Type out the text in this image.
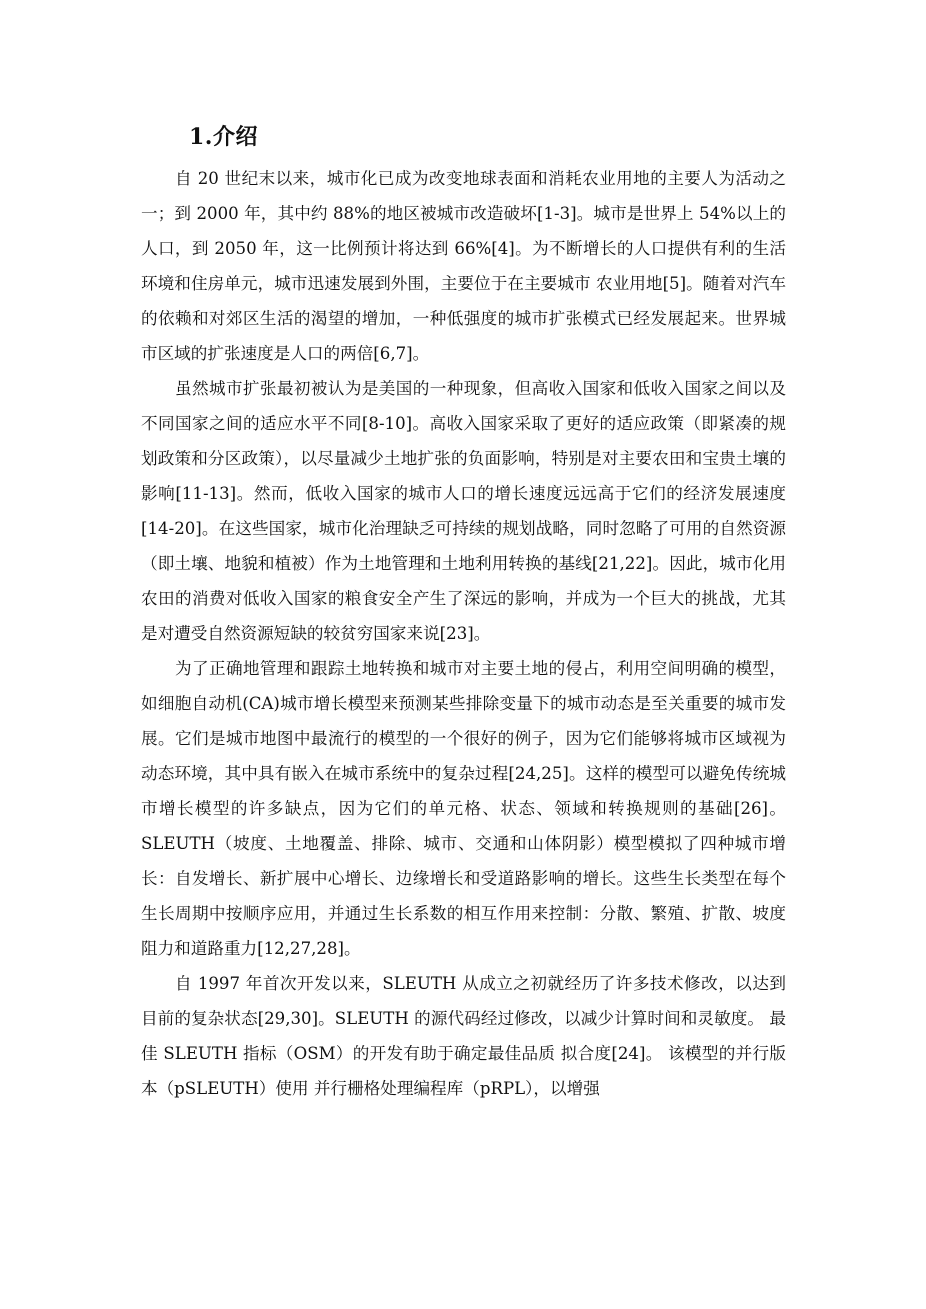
1.介绍

自 20 世纪末以来，城市化已成为改变地球表面和消耗农业用地的主要人为活动之一；到 2000 年，其中约 88%的地区被城市改造破坏[1-3]。城市是世界上 54%以上的人口，到 2050 年，这一比例预计将达到 66%[4]。为不断增长的人口提供有利的生活环境和住房单元，城市迅速发展到外围，主要位于在主要城市 农业用地[5]。随着对汽车的依赖和对郊区生活的渴望的增加，一种低强度的城市扩张模式已经发展起来。世界城市区域的扩张速度是人口的两倍[6,7]。

虽然城市扩张最初被认为是美国的一种现象，但高收入国家和低收入国家之间以及不同国家之间的适应水平不同[8-10]。高收入国家采取了更好的适应政策（即紧凑的规划政策和分区政策），以尽量减少土地扩张的负面影响，特别是对主要农田和宝贵土壤的影响[11-13]。然而，低收入国家的城市人口的增长速度远远高于它们的经济发展速度[14-20]。在这些国家，城市化治理缺乏可持续的规划战略，同时忽略了可用的自然资源（即土壤、地貌和植被）作为土地管理和土地利用转换的基线[21,22]。因此，城市化用农田的消费对低收入国家的粮食安全产生了深远的影响，并成为一个巨大的挑战，尤其是对遭受自然资源短缺的较贫穷国家来说[23]。

为了正确地管理和跟踪土地转换和城市对主要土地的侵占，利用空间明确的模型，如细胞自动机(CA)城市增长模型来预测某些排除变量下的城市动态是至关重要的城市发展。它们是城市地图中最流行的模型的一个很好的例子，因为它们能够将城市区域视为动态环境，其中具有嵌入在城市系统中的复杂过程[24,25]。这样的模型可以避免传统城市增长模型的许多缺点，因为它们的单元格、状态、领域和转换规则的基础[26]。SLEUTH（坡度、土地覆盖、排除、城市、交通和山体阴影）模型模拟了四种城市增长：自发增长、新扩展中心增长、边缘增长和受道路影响的增长。这些生长类型在每个生长周期中按顺序应用，并通过生长系数的相互作用来控制：分散、繁殖、扩散、坡度阻力和道路重力[12,27,28]。

自 1997 年首次开发以来，SLEUTH 从成立之初就经历了许多技术修改，以达到目前的复杂状态[29,30]。SLEUTH 的源代码经过修改，以减少计算时间和灵敏度。 最佳 SLEUTH 指标（OSM）的开发有助于确定最佳品质 拟合度[24]。 该模型的并行版本（pSLEUTH）使用 并行栅格处理编程库（pRPL），以增强
